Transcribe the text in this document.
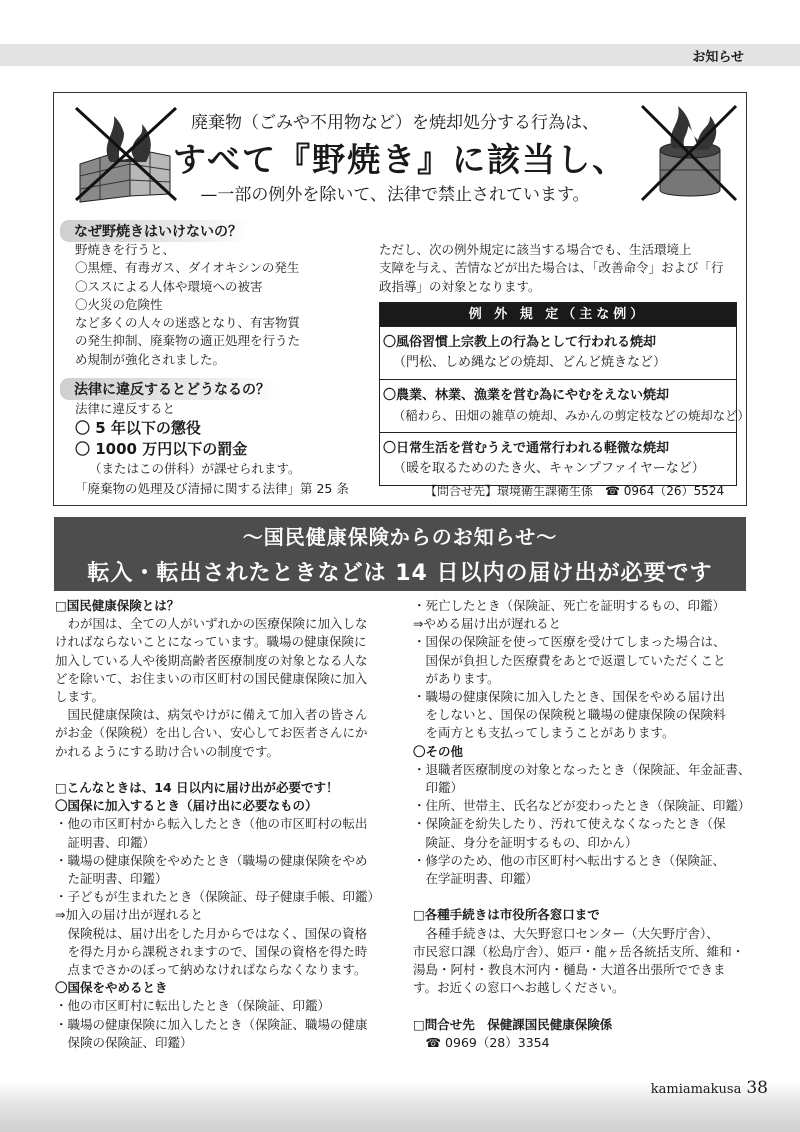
お知らせ
廃棄物（ごみや不用物など）を焼却処分する行為は、
すべて『野焼き』に該当し、
— 一部の例外を除いて、法律で禁止されています。
なぜ野焼きはいけないの？
野焼きを行うと、
〇黒煙、有毒ガス、ダイオキシンの発生
〇ススによる人体や環境への被害
〇火災の危険性
など多くの人々の迷惑となり、有害物質
の発生抑制、廃棄物の適正処理を行うた
め規制が強化されました。
法律に違反するとどうなるの？
法律に違反すると
〇 5 年以下の懲役
〇 1000 万円以下の罰金
（またはこの併科）が課せられます。
「廃棄物の処理及び清掃に関する法律」第 25 条
ただし、次の例外規定に該当する場合でも、生活環境上
支障を与え、苦情などが出た場合は、「改善命令」および「行
政指導」の対象となります。
例 外 規 定（主な例）
〇風俗習慣上宗教上の行為として行われる焼却
（門松、しめ縄などの焼却、どんど焼きなど）
〇農業、林業、漁業を営む為にやむをえない焼却
（稲わら、田畑の雑草の焼却、みかんの剪定枝などの焼却など）
〇日常生活を営むうえで通常行われる軽微な焼却
（暖を取るためのたき火、キャンプファイヤーなど）
【問合せ先】環境衛生課衛生係　☎ 0964（26）5524
〜国民健康保険からのお知らせ〜
転入・転出されたときなどは 14 日以内の届け出が必要です
□国民健康保険とは？
　わが国は、全ての人がいずれかの医療保険に加入しな
ければならないことになっています。職場の健康保険に
加入している人や後期高齢者医療制度の対象となる人な
どを除いて、お住まいの市区町村の国民健康保険に加入
します。
　国民健康保険は、病気やけがに備えて加入者の皆さん
がお金（保険税）を出し合い、安心してお医者さんにか
かれるようにする助け合いの制度です。

□こんなときは、14 日以内に届け出が必要です！
〇国保に加入するとき（届け出に必要なもの）
・他の市区町村から転入したとき（他の市区町村の転出
　証明書、印鑑）
・職場の健康保険をやめたとき（職場の健康保険をやめ
　た証明書、印鑑）
・子どもが生まれたとき（保険証、母子健康手帳、印鑑）
⇒加入の届け出が遅れると
　保険税は、届け出をした月からではなく、国保の資格
　を得た月から課税されますので、国保の資格を得た時
　点までさかのぼって納めなければならなくなります。
〇国保をやめるとき
・他の市区町村に転出したとき（保険証、印鑑）
・職場の健康保険に加入したとき（保険証、職場の健康
　保険の保険証、印鑑）
・死亡したとき（保険証、死亡を証明するもの、印鑑）
⇒やめる届け出が遅れると
・国保の保険証を使って医療を受けてしまった場合は、
　国保が負担した医療費をあとで返還していただくこと
　があります。
・職場の健康保険に加入したとき、国保をやめる届け出
　をしないと、国保の保険税と職場の健康保険の保険料
　を両方とも支払ってしまうことがあります。
〇その他
・退職者医療制度の対象となったとき（保険証、年金証書、
　印鑑）
・住所、世帯主、氏名などが変わったとき（保険証、印鑑）
・保険証を紛失したり、汚れて使えなくなったとき（保
　険証、身分を証明するもの、印かん）
・修学のため、他の市区町村へ転出するとき（保険証、
　在学証明書、印鑑）

□各種手続きは市役所各窓口まで
　各種手続きは、大矢野窓口センター（大矢野庁舎）、
市民窓口課（松島庁舎）、姫戸・龍ヶ岳各統括支所、維和・
湯島・阿村・教良木河内・樋島・大道各出張所でできま
す。お近くの窓口へお越しください。

□問合せ先　保健課国民健康保険係
　☎ 0969（28）3354
kamiamakusa 38
